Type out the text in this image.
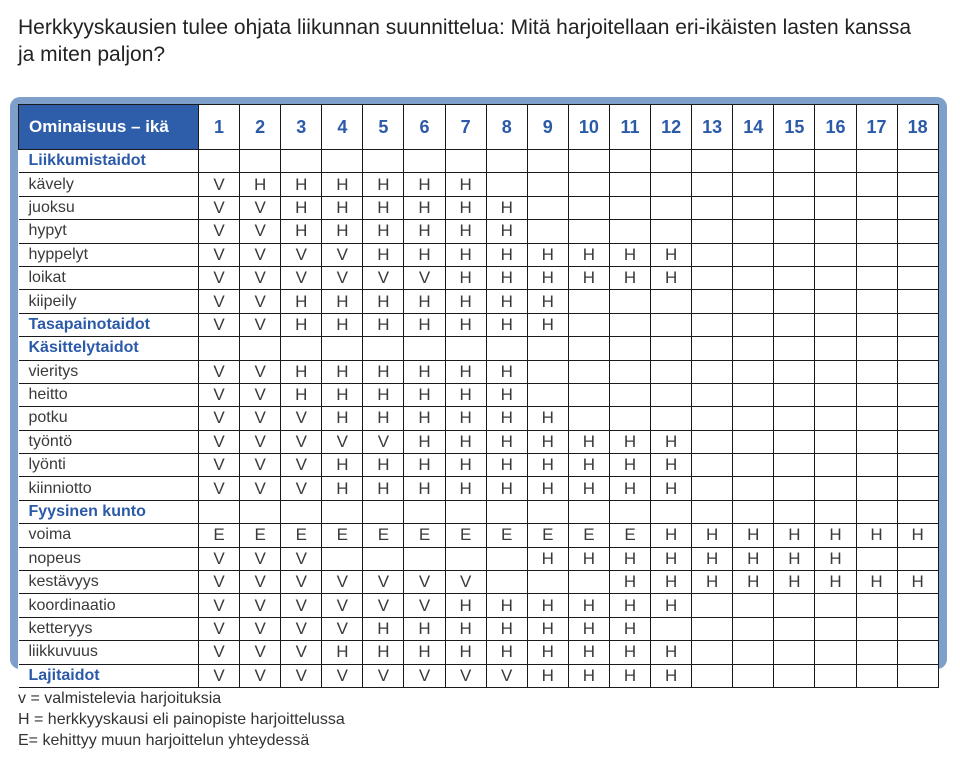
Herkkyyskausien tulee ohjata liikunnan suunnittelua: Mitä harjoitellaan eri-ikäisten lasten kanssa ja miten paljon?
Ominaisuus – ikä	1	2	3	4	5	6	7	8	9	10	11	12	13	14	15	16	17	18
Liikkumistaidot																		
kävely	V	H	H	H	H	H	H											
juoksu	V	V	H	H	H	H	H	H										
hypyt	V	V	H	H	H	H	H	H										
hyppelyt	V	V	V	V	H	H	H	H	H	H	H	H						
loikat	V	V	V	V	V	V	H	H	H	H	H	H						
kiipeily	V	V	H	H	H	H	H	H	H									
Tasapainotaidot	V	V	H	H	H	H	H	H	H									
Käsittelytaidot																		
vieritys	V	V	H	H	H	H	H	H										
heitto	V	V	H	H	H	H	H	H										
potku	V	V	V	H	H	H	H	H	H									
työntö	V	V	V	V	V	H	H	H	H	H	H	H						
lyönti	V	V	V	H	H	H	H	H	H	H	H	H						
kiinniotto	V	V	V	H	H	H	H	H	H	H	H	H						
Fyysinen kunto																		
voima	E	E	E	E	E	E	E	E	E	E	E	H	H	H	H	H	H	H
nopeus	V	V	V						H	H	H	H	H	H	H	H		
kestävyys	V	V	V	V	V	V	V				H	H	H	H	H	H	H	H
koordinaatio	V	V	V	V	V	V	H	H	H	H	H	H						
ketteryys	V	V	V	V	H	H	H	H	H	H	H							
liikkuvuus	V	V	V	H	H	H	H	H	H	H	H	H						
Lajitaidot	V	V	V	V	V	V	V	V	H	H	H	H						
v = valmistelevia harjoituksia
H = herkkyyskausi eli painopiste harjoittelussa
E= kehittyy muun harjoittelun yhteydessä
